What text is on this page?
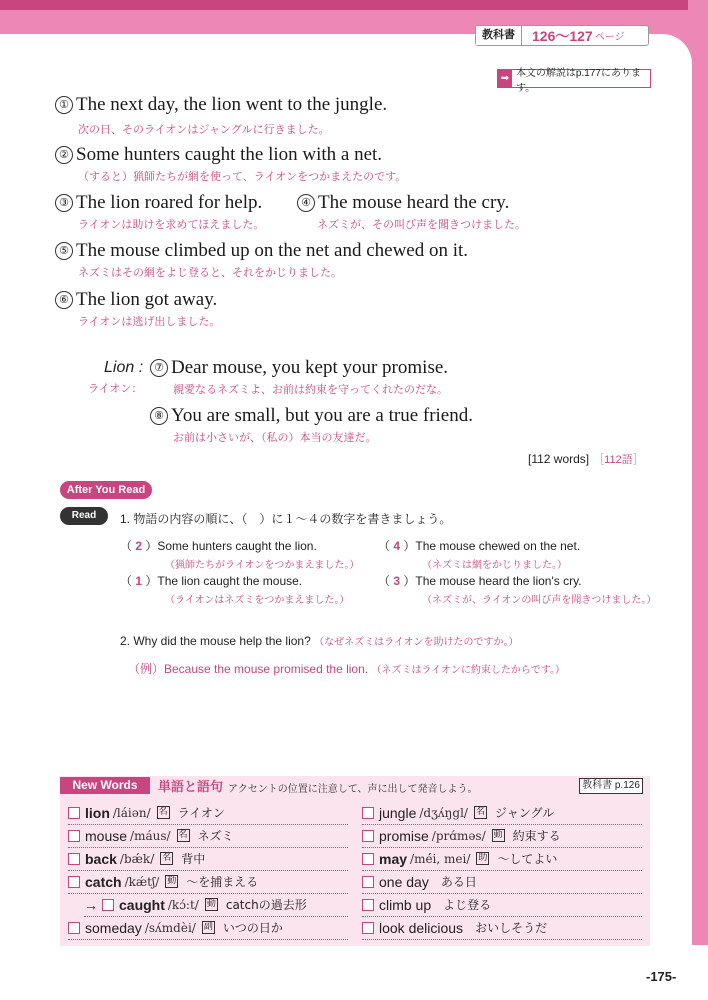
教科書	126～127 ページ
➡ 本文の解説はp.177にあります。
① The next day, the lion went to the jungle.
次の日、そのライオンはジャングルに行きました。
② Some hunters caught the lion with a net.
（すると）猟師たちが網を使って、ライオンをつかまえたのです。
③ The lion roared for help.
ライオンは助けを求めてほえました。
④ The mouse heard the cry.
ネズミが、その叫び声を聞きつけました。
⑤ The mouse climbed up on the net and chewed on it.
ネズミはその網をよじ登ると、それをかじりました。
⑥ The lion got away.
ライオンは逃げ出しました。
Lion :
ライオン：
⑦ Dear mouse, you kept your promise.
親愛なるネズミよ、お前は約束を守ってくれたのだな。
⑧ You are small, but you are a true friend.
お前は小さいが、（私の）本当の友達だ。
[112 words] ［112語］
After You Read
Read	1. 物語の内容の順に、（　）に１～４の数字を書きましょう。
（ 2 ）Some hunters caught the lion.
（猟師たちがライオンをつかまえました。）
（ 4 ）The mouse chewed on the net.
（ネズミは網をかじりました。）
（ 1 ）The lion caught the mouse.
（ライオンはネズミをつかまえました。）
（ 3 ）The mouse heard the lion's cry.
（ネズミが、ライオンの叫び声を聞きつけました。）
2. Why did the mouse help the lion? （なぜネズミはライオンを助けたのですか。）
（例）Because the mouse promised the lion. （ネズミはライオンに約束したからです。）
New Words	単語と語句 アクセントの位置に注意して、声に出して発音しよう。	教科書 p.126
lion /láiən/ 名 ライオン
mouse /máus/ 名 ネズミ
back /bǽk/ 名 背中
catch /kǽtʃ/ 動 ～を捕まえる
→ caught /kɔ́:t/ 動 catchの過去形
someday /sʌ́mdèi/ 副 いつの日か
jungle /dʒʌ́ŋgl/ 名 ジャングル
promise /prɑ́məs/ 動 約束する
may /méi, mei/ 助 ～してよい
one day ある日
climb up よじ登る
look delicious おいしそうだ
-175-
